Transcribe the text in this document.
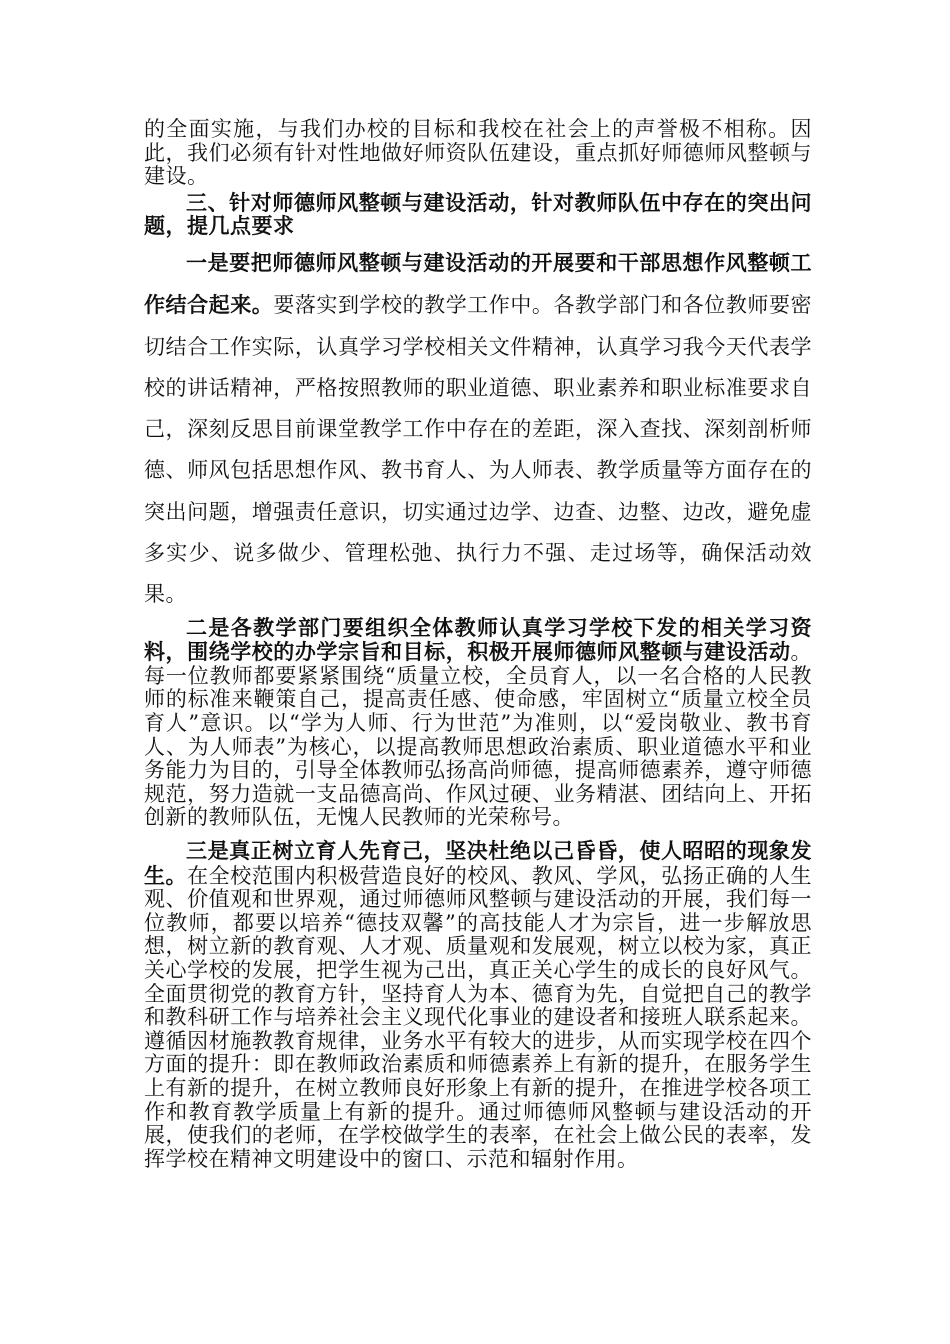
的全面实施，与我们办校的目标和我校在社会上的声誉极不相称。因此，我们必须有针对性地做好师资队伍建设，重点抓好师德师风整顿与建设。

三、针对师德师风整顿与建设活动，针对教师队伍中存在的突出问题，提几点要求

一是要把师德师风整顿与建设活动的开展要和干部思想作风整顿工作结合起来。要落实到学校的教学工作中。各教学部门和各位教师要密切结合工作实际，认真学习学校相关文件精神，认真学习我今天代表学校的讲话精神，严格按照教师的职业道德、职业素养和职业标准要求自己，深刻反思目前课堂教学工作中存在的差距，深入查找、深刻剖析师德、师风包括思想作风、教书育人、为人师表、教学质量等方面存在的突出问题，增强责任意识，切实通过边学、边查、边整、边改，避免虚多实少、说多做少、管理松弛、执行力不强、走过场等，确保活动效果。

二是各教学部门要组织全体教师认真学习学校下发的相关学习资料，围绕学校的办学宗旨和目标，积极开展师德师风整顿与建设活动。每一位教师都要紧紧围绕“质量立校，全员育人，以一名合格的人民教师的标准来鞭策自己，提高责任感、使命感，牢固树立“质量立校全员育人”意识。以“学为人师、行为世范”为准则，以“爱岗敬业、教书育人、为人师表”为核心，以提高教师思想政治素质、职业道德水平和业务能力为目的，引导全体教师弘扬高尚师德，提高师德素养，遵守师德规范，努力造就一支品德高尚、作风过硬、业务精湛、团结向上、开拓创新的教师队伍，无愧人民教师的光荣称号。

三是真正树立育人先育己，坚决杜绝以己昏昏，使人昭昭的现象发生。在全校范围内积极营造良好的校风、教风、学风，弘扬正确的人生观、价值观和世界观，通过师德师风整顿与建设活动的开展，我们每一位教师，都要以培养“德技双馨”的高技能人才为宗旨，进一步解放思想，树立新的教育观、人才观、质量观和发展观，树立以校为家，真正关心学校的发展，把学生视为己出，真正关心学生的成长的良好风气。全面贯彻党的教育方针，坚持育人为本、德育为先，自觉把自己的教学和教科研工作与培养社会主义现代化事业的建设者和接班人联系起来。遵循因材施教教育规律，业务水平有较大的进步，从而实现学校在四个方面的提升：即在教师政治素质和师德素养上有新的提升，在服务学生上有新的提升，在树立教师良好形象上有新的提升，在推进学校各项工作和教育教学质量上有新的提升。通过师德师风整顿与建设活动的开展，使我们的老师，在学校做学生的表率，在社会上做公民的表率，发挥学校在精神文明建设中的窗口、示范和辐射作用。
